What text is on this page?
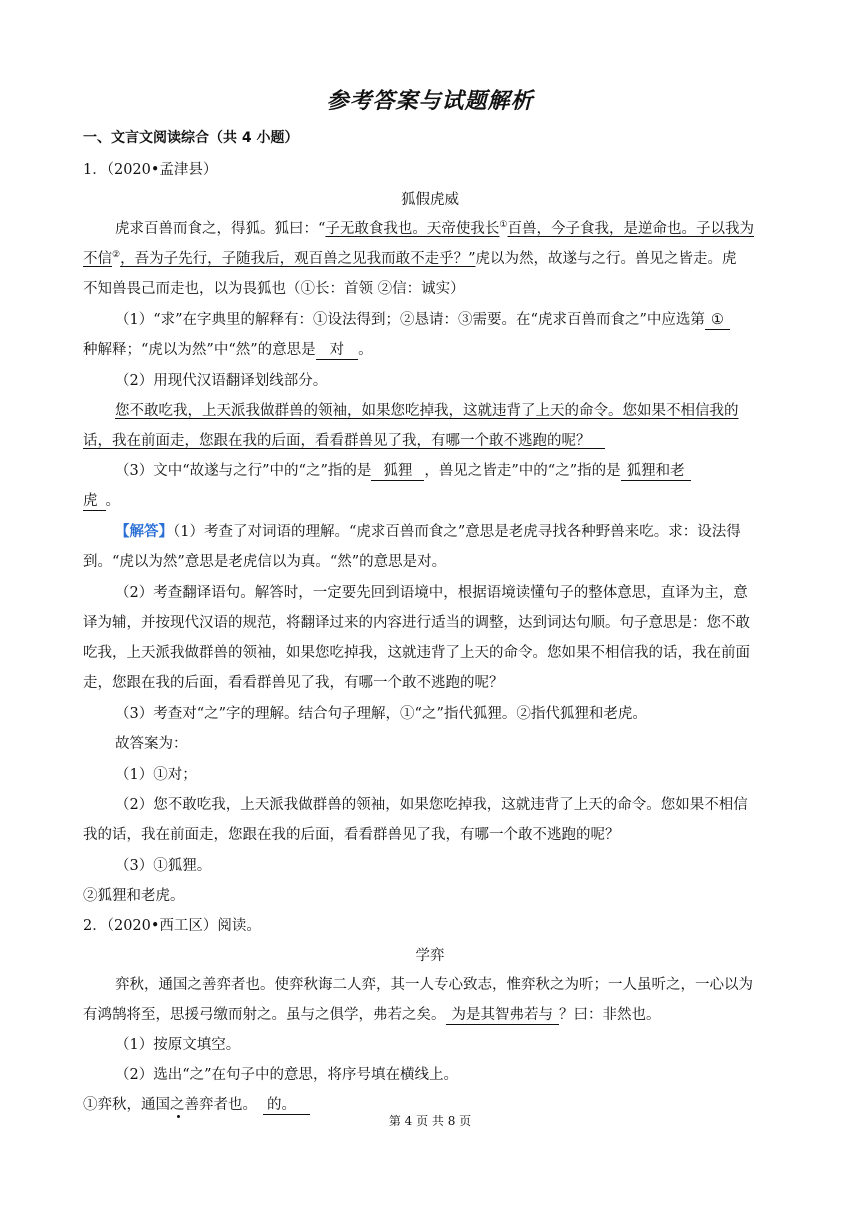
参考答案与试题解析
一、文言文阅读综合（共 4 小题）
1．（2020•孟津县）
狐假虎威
虎求百兽而食之，得狐。狐曰：“子无敢食我也。天帝使我长①百兽，今子食我，是逆命也。子以我为
不信②，吾为子先行，子随我后，观百兽之见我而敢不走乎？”虎以为然，故遂与之行。兽见之皆走。虎
不知兽畏己而走也，以为畏狐也（①长：首领 ②信：诚实）
（1）“求”在字典里的解释有：①设法得到；②恳请：③需要。在“虎求百兽而食之”中应选第 ①
种解释；“虎以为然”中“然”的意思是 对 。
（2）用现代汉语翻译划线部分。
您不敢吃我，上天派我做群兽的领袖，如果您吃掉我，这就违背了上天的命令。您如果不相信我的
话，我在前面走，您跟在我的后面，看看群兽见了我，有哪一个敢不逃跑的呢？ 
（3）文中“故遂与之行”中的“之”指的是 狐狸 ，兽见之皆走”中的“之”指的是 狐狸和老
虎 。
【解答】（1）考查了对词语的理解。“虎求百兽而食之”意思是老虎寻找各种野兽来吃。求：设法得
到。“虎以为然”意思是老虎信以为真。“然”的意思是对。
（2）考查翻译语句。解答时，一定要先回到语境中，根据语境读懂句子的整体意思，直译为主，意
译为辅，并按现代汉语的规范，将翻译过来的内容进行适当的调整，达到词达句顺。句子意思是：您不敢
吃我，上天派我做群兽的领袖，如果您吃掉我，这就违背了上天的命令。您如果不相信我的话，我在前面
走，您跟在我的后面，看看群兽见了我，有哪一个敢不逃跑的呢？
（3）考查对“之”字的理解。结合句子理解，①“之”指代狐狸。②指代狐狸和老虎。
故答案为：
（1）①对；
（2）您不敢吃我，上天派我做群兽的领袖，如果您吃掉我，这就违背了上天的命令。您如果不相信
我的话，我在前面走，您跟在我的后面，看看群兽见了我，有哪一个敢不逃跑的呢？
（3）①狐狸。
②狐狸和老虎。
2．（2020•西工区）阅读。
学弈
弈秋，通国之善弈者也。使弈秋诲二人弈，其一人专心致志，惟弈秋之为听；一人虽听之，一心以为
有鸿鹄将至，思援弓缴而射之。虽与之俱学，弗若之矣。 为是其智弗若与 ？曰：非然也。
（1）按原文填空。
（2）选出“之”在句子中的意思，将序号填在横线上。
①弈秋，通国之善弈者也。 的。
第 4 页 共 8 页
